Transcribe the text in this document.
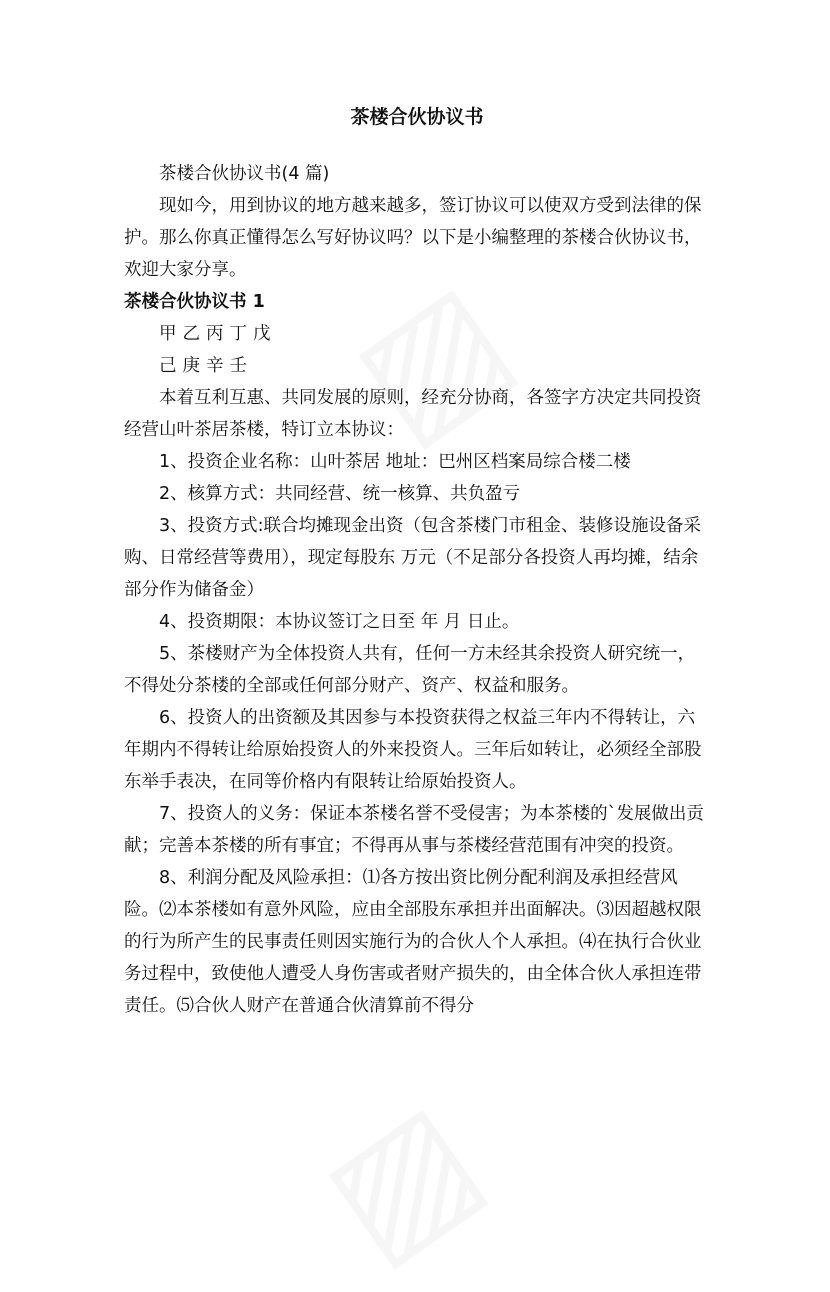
茶楼合伙协议书

茶楼合伙协议书(4 篇)

现如今，用到协议的地方越来越多，签订协议可以使双方受到法律的保护。那么你真正懂得怎么写好协议吗？以下是小编整理的茶楼合伙协议书，欢迎大家分享。

茶楼合伙协议书 1

甲乙丙丁戊

己庚辛壬

本着互利互惠、共同发展的原则，经充分协商，各签字方决定共同投资经营山叶茶居茶楼，特订立本协议：

1、投资企业名称：山叶茶居 地址：巴州区档案局综合楼二楼

2、核算方式：共同经营、统一核算、共负盈亏

3、投资方式:联合均摊现金出资（包含茶楼门市租金、装修设施设备采购、日常经营等费用），现定每股东 万元（不足部分各投资人再均摊，结余部分作为储备金）

4、投资期限：本协议签订之日至 年 月 日止。

5、茶楼财产为全体投资人共有，任何一方未经其余投资人研究统一，不得处分茶楼的全部或任何部分财产、资产、权益和服务。

6、投资人的出资额及其因参与本投资获得之权益三年内不得转让，六年期内不得转让给原始投资人的外来投资人。三年后如转让，必须经全部股东举手表决，在同等价格内有限转让给原始投资人。

7、投资人的义务：保证本茶楼名誉不受侵害；为本茶楼的`发展做出贡献；完善本茶楼的所有事宜；不得再从事与茶楼经营范围有冲突的投资。

8、利润分配及风险承担：⑴各方按出资比例分配利润及承担经营风险。⑵本茶楼如有意外风险，应由全部股东承担并出面解决。⑶因超越权限的行为所产生的民事责任则因实施行为的合伙人个人承担。⑷在执行合伙业务过程中，致使他人遭受人身伤害或者财产损失的，由全体合伙人承担连带责任。⑸合伙人财产在普通合伙清算前不得分
